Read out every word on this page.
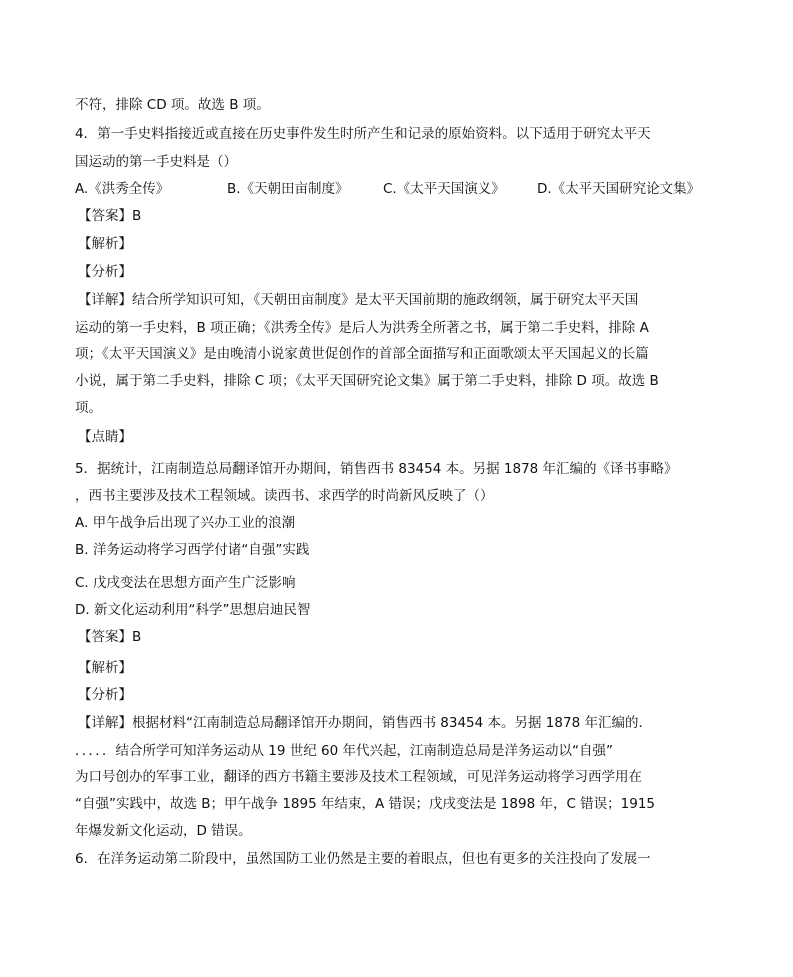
不符，排除 CD 项。故选 B 项。
4．第一手史料指接近或直接在历史事件发生时所产生和记录的原始资料。以下适用于研究太平天
国运动的第一手史料是（）
A.《洪秀全传》	B.《天朝田亩制度》	C.《太平天国演义》 D.《太平天国研究论文集》
【答案】B
【解析】
【分析】
【详解】结合所学知识可知，《天朝田亩制度》是太平天国前期的施政纲领，属于研究太平天国
运动的第一手史料，B 项正确；《洪秀全传》是后人为洪秀全所著之书，属于第二手史料，排除 A
项；《太平天国演义》是由晚清小说家黄世促创作的首部全面描写和正面歌颂太平天国起义的长篇
小说，属于第二手史料，排除 C 项；《太平天国研究论文集》属于第二手史料，排除 D 项。故选 B
项。
【点睛】
5．据统计，江南制造总局翻译馆开办期间，销售西书 83454 本。另据 1878 年汇编的《译书事略》
，西书主要涉及技术工程领域。读西书、求西学的时尚新风反映了（）
A. 甲午战争后出现了兴办工业的浪潮
B. 洋务运动将学习西学付诸“自强”实践
C. 戊戌变法在思想方面产生广泛影响
D. 新文化运动利用“科学”思想启迪民智
【答案】B
【解析】
【分析】
【详解】根据材料“江南制造总局翻译馆开办期间，销售西书 83454 本。另据 1878 年汇编的．
．．．．．结合所学可知洋务运动从 19 世纪 60 年代兴起，江南制造总局是洋务运动以“自强”
为口号创办的军事工业，翻译的西方书籍主要涉及技术工程领域，可见洋务运动将学习西学用在
“自强”实践中，故选 B；甲午战争 1895 年结束，A 错误；戊戌变法是 1898 年，C 错误；1915
年爆发新文化运动，D 错误。
6．在洋务运动第二阶段中，虽然国防工业仍然是主要的着眼点，但也有更多的关注投向了发展一
